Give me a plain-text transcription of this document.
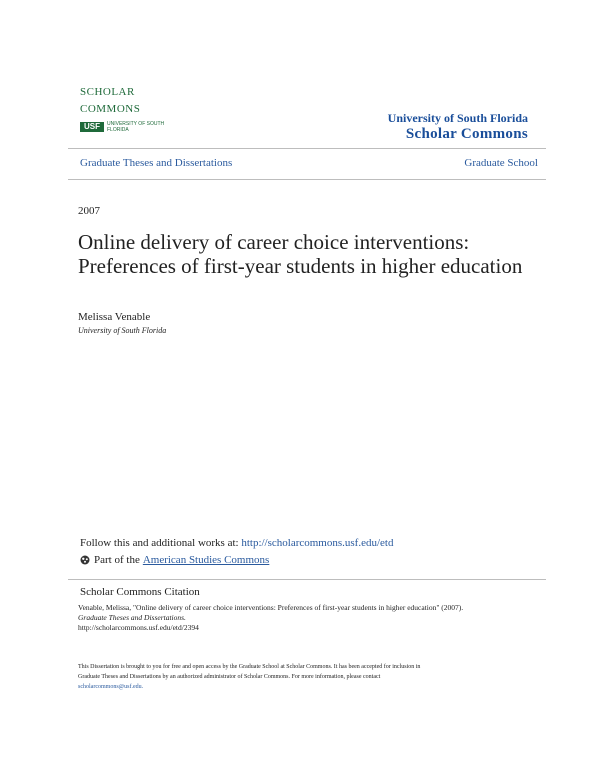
SCHOLAR
COMMONS
USF	UNIVERSITY OF SOUTH FLORIDA
University of South Florida
Scholar Commons
Graduate Theses and Dissertations	Graduate School
2007
Online delivery of career choice interventions: Preferences of first-year students in higher education
Melissa Venable
University of South Florida
Follow this and additional works at: http://scholarcommons.usf.edu/etd
Part of the American Studies Commons
Scholar Commons Citation
Venable, Melissa, "Online delivery of career choice interventions: Preferences of first-year students in higher education" (2007).
Graduate Theses and Dissertations.
http://scholarcommons.usf.edu/etd/2394
This Dissertation is brought to you for free and open access by the Graduate School at Scholar Commons. It has been accepted for inclusion in
Graduate Theses and Dissertations by an authorized administrator of Scholar Commons. For more information, please contact
scholarcommons@usf.edu.
